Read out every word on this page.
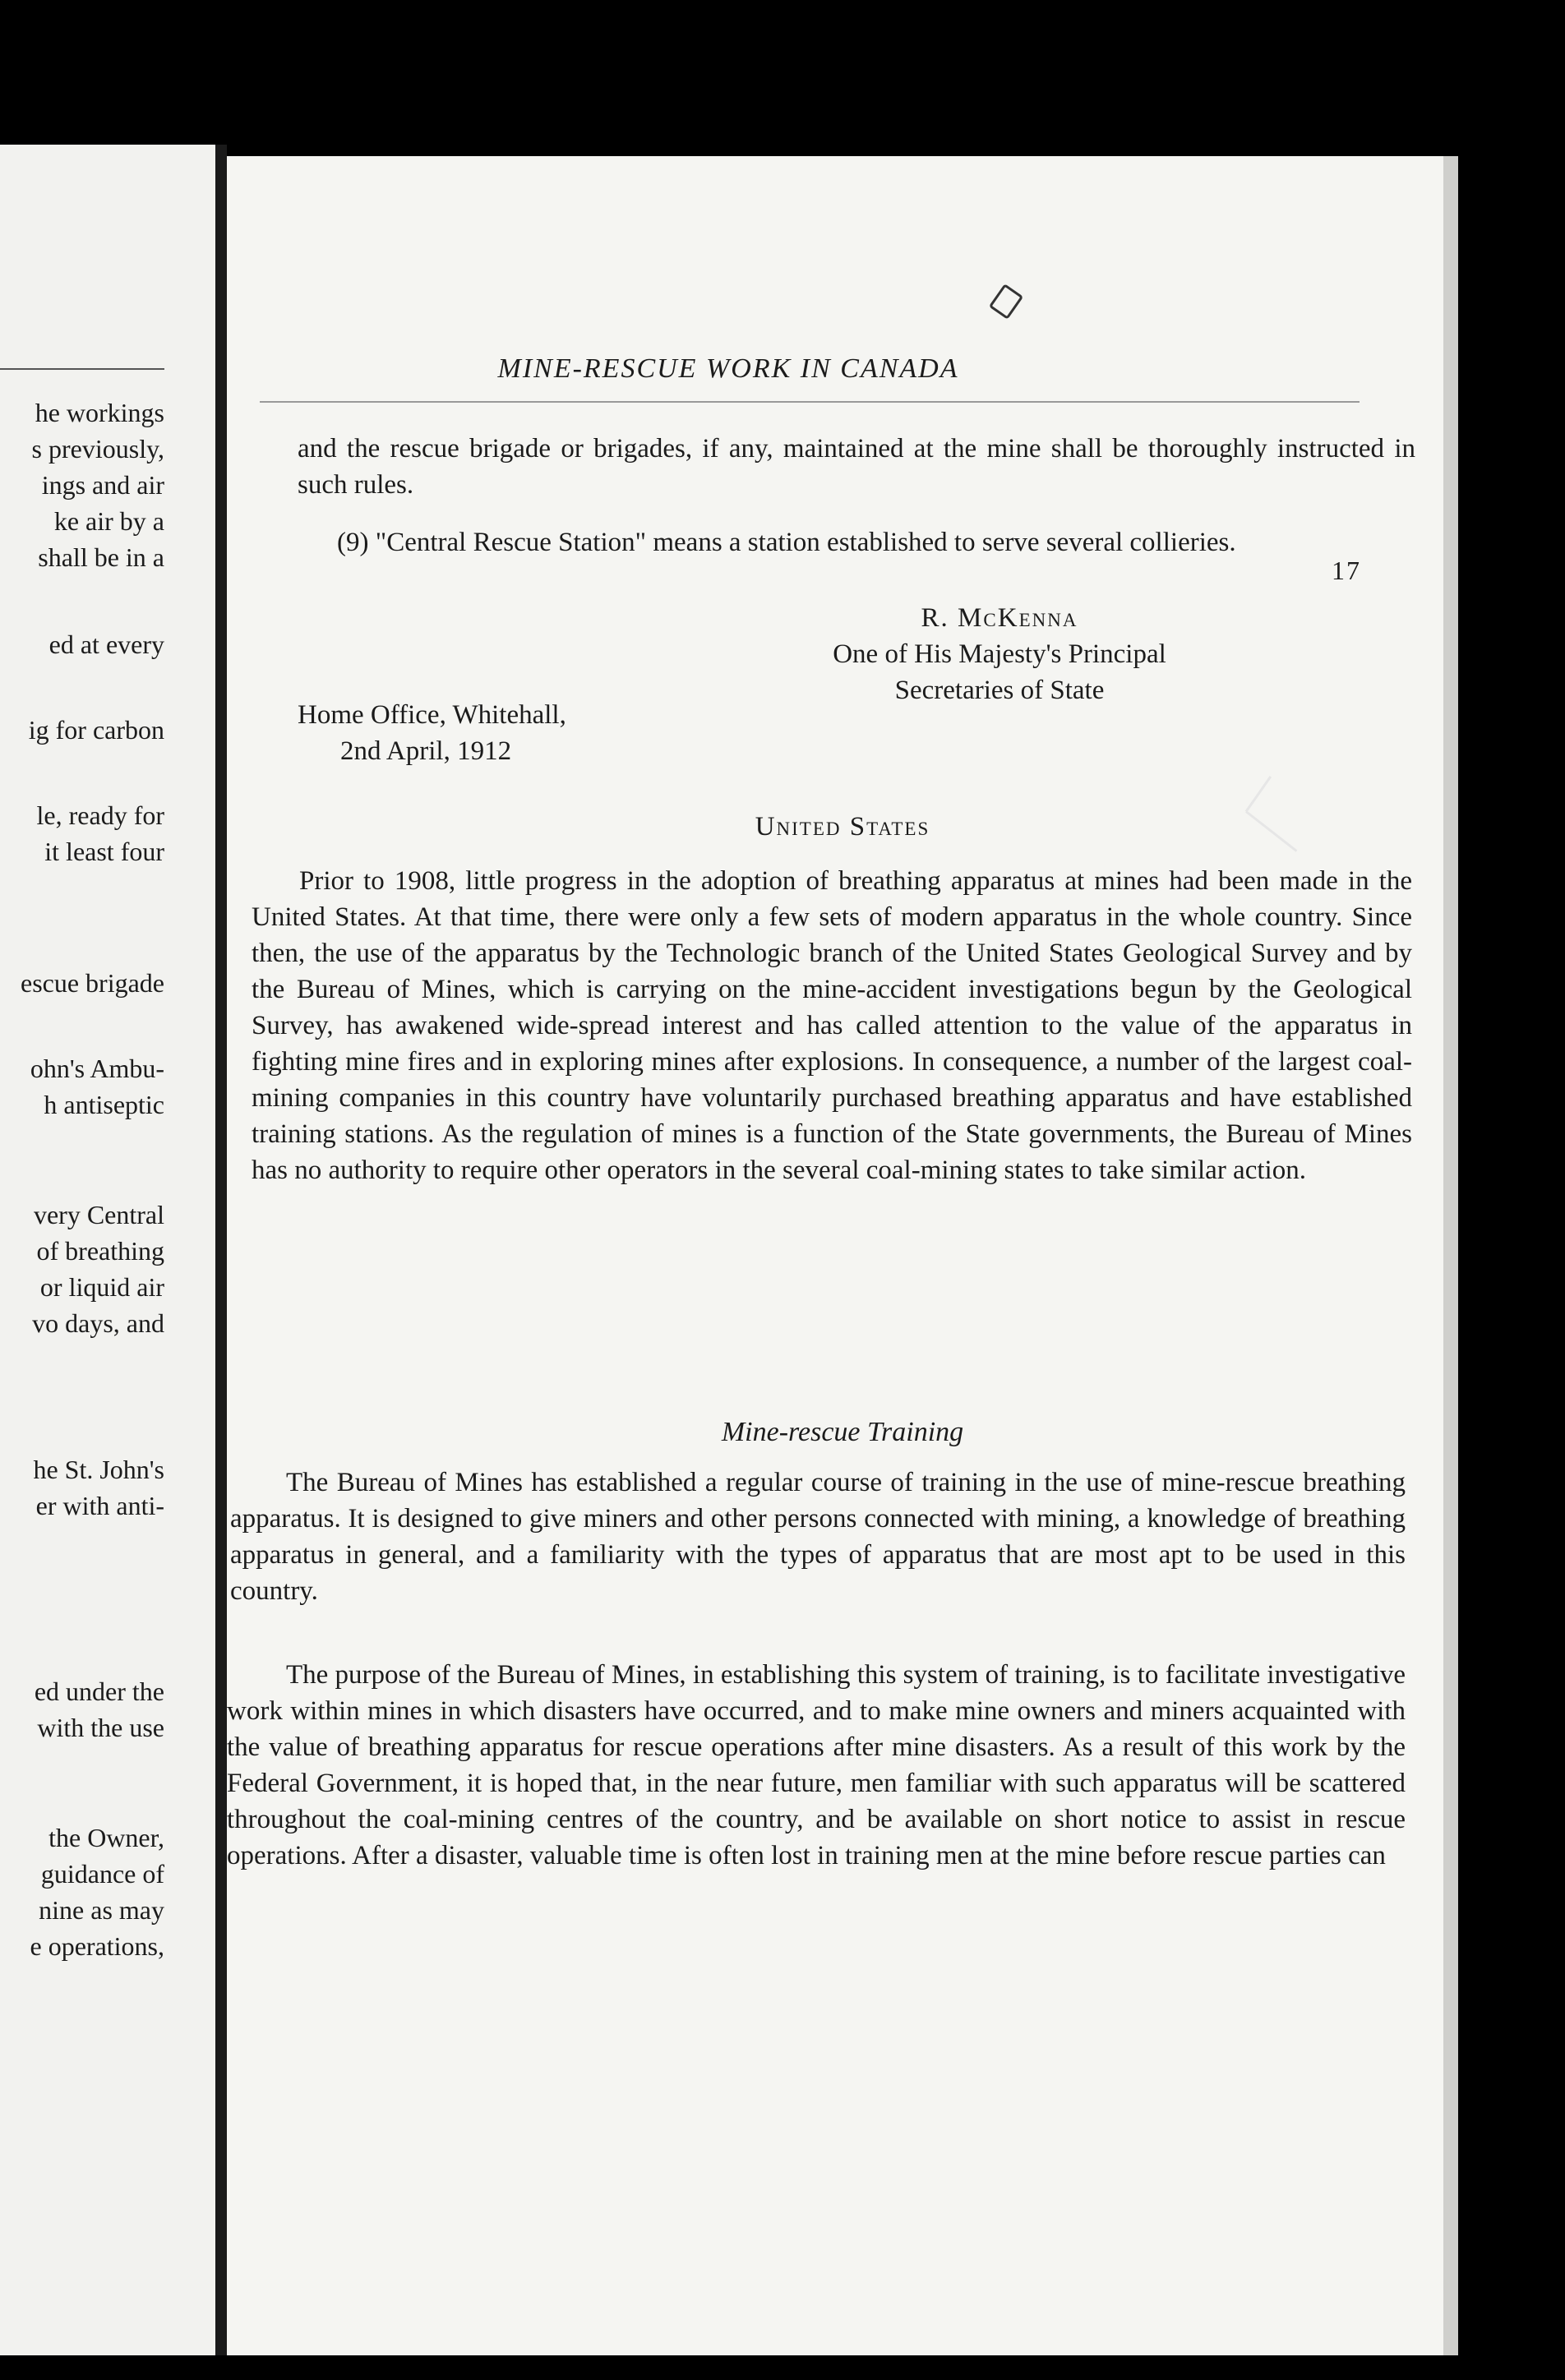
he workings
s previously,
ings and air
ke air by a
shall be in a
ed at every
ig for carbon
le, ready for
it least four
escue brigade
ohn's Ambu-
h antiseptic
very Central
of breathing
or liquid air
vo days, and
he St. John's
er with anti-
ed under the
with the use
the Owner,
guidance of
nine as may
e operations,
MINE-RESCUE WORK IN CANADA
17
and the rescue brigade or brigades, if any, maintained at the mine shall be thoroughly instructed in such rules.
(9) "Central Rescue Station" means a station established to serve several collieries.
R. McKenna
One of His Majesty's Principal
Secretaries of State
Home Office, Whitehall,
2nd April, 1912
United States
Prior to 1908, little progress in the adoption of breathing apparatus at mines had been made in the United States. At that time, there were only a few sets of modern apparatus in the whole country. Since then, the use of the apparatus by the Technologic branch of the United States Geological Survey and by the Bureau of Mines, which is carrying on the mine-accident investigations begun by the Geological Survey, has awakened wide-spread interest and has called attention to the value of the apparatus in fighting mine fires and in exploring mines after explosions. In consequence, a number of the largest coal-mining companies in this country have voluntarily purchased breathing apparatus and have established training stations. As the regulation of mines is a function of the State governments, the Bureau of Mines has no authority to require other operators in the several coal-mining states to take similar action.
Mine-rescue Training
The Bureau of Mines has established a regular course of training in the use of mine-rescue breathing apparatus. It is designed to give miners and other persons connected with mining, a knowledge of breathing apparatus in general, and a familiarity with the types of apparatus that are most apt to be used in this country.
The purpose of the Bureau of Mines, in establishing this system of training, is to facilitate investigative work within mines in which disasters have occurred, and to make mine owners and miners acquainted with the value of breathing apparatus for rescue operations after mine disasters. As a result of this work by the Federal Government, it is hoped that, in the near future, men familiar with such apparatus will be scattered throughout the coal-mining centres of the country, and be available on short notice to assist in rescue operations. After a disaster, valuable time is often lost in training men at the mine before rescue parties can
